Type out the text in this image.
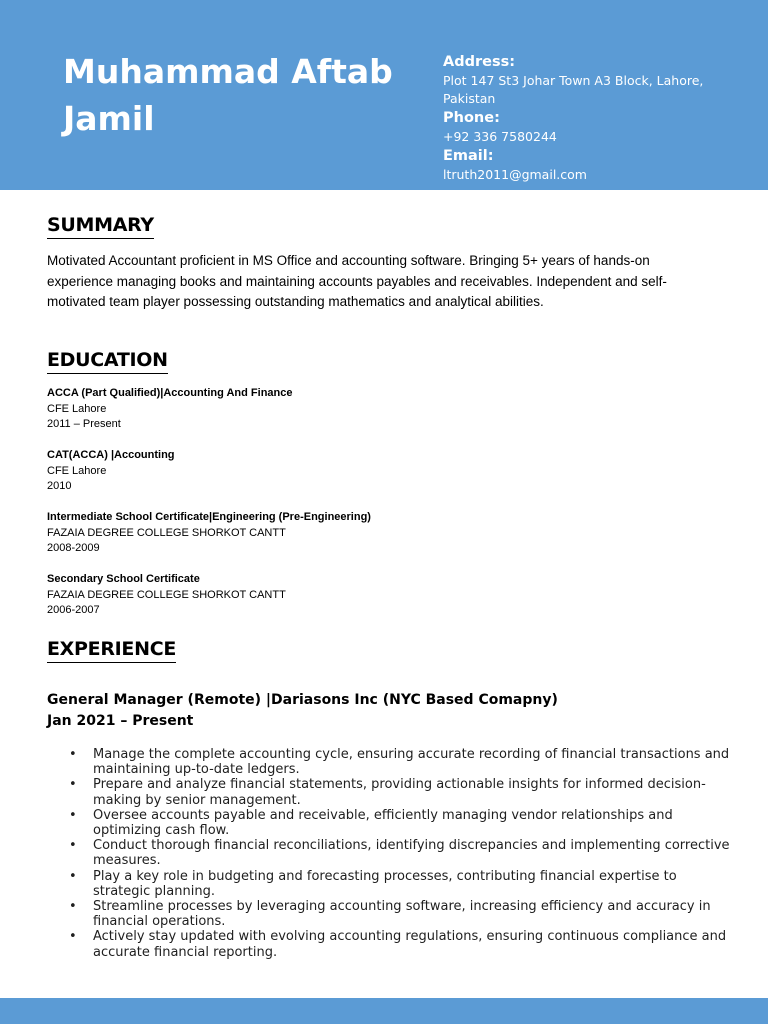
Muhammad Aftab Jamil
Address:
Plot 147 St3 Johar Town A3 Block, Lahore, Pakistan
Phone:
+92 336 7580244
Email:
ltruth2011@gmail.com
SUMMARY

Motivated Accountant proficient in MS Office and accounting software. Bringing 5+ years of hands-on experience managing books and maintaining accounts payables and receivables. Independent and self-motivated team player possessing outstanding mathematics and analytical abilities.

EDUCATION
ACCA (Part Qualified)|Accounting And Finance
CFE Lahore
2011 – Present
CAT(ACCA) |Accounting
CFE Lahore
2010
Intermediate School Certificate|Engineering (Pre-Engineering)
FAZAIA DEGREE COLLEGE SHORKOT CANTT
2008-2009
Secondary School Certificate
FAZAIA DEGREE COLLEGE SHORKOT CANTT
2006-2007
EXPERIENCE
General Manager (Remote) |Dariasons Inc (NYC Based Comapny)
Jan 2021 – Present
• Manage the complete accounting cycle, ensuring accurate recording of financial transactions and maintaining up-to-date ledgers.
• Prepare and analyze financial statements, providing actionable insights for informed decision-making by senior management.
• Oversee accounts payable and receivable, efficiently managing vendor relationships and optimizing cash flow.
• Conduct thorough financial reconciliations, identifying discrepancies and implementing corrective measures.
• Play a key role in budgeting and forecasting processes, contributing financial expertise to strategic planning.
• Streamline processes by leveraging accounting software, increasing efficiency and accuracy in financial operations.
• Actively stay updated with evolving accounting regulations, ensuring continuous compliance and accurate financial reporting.
